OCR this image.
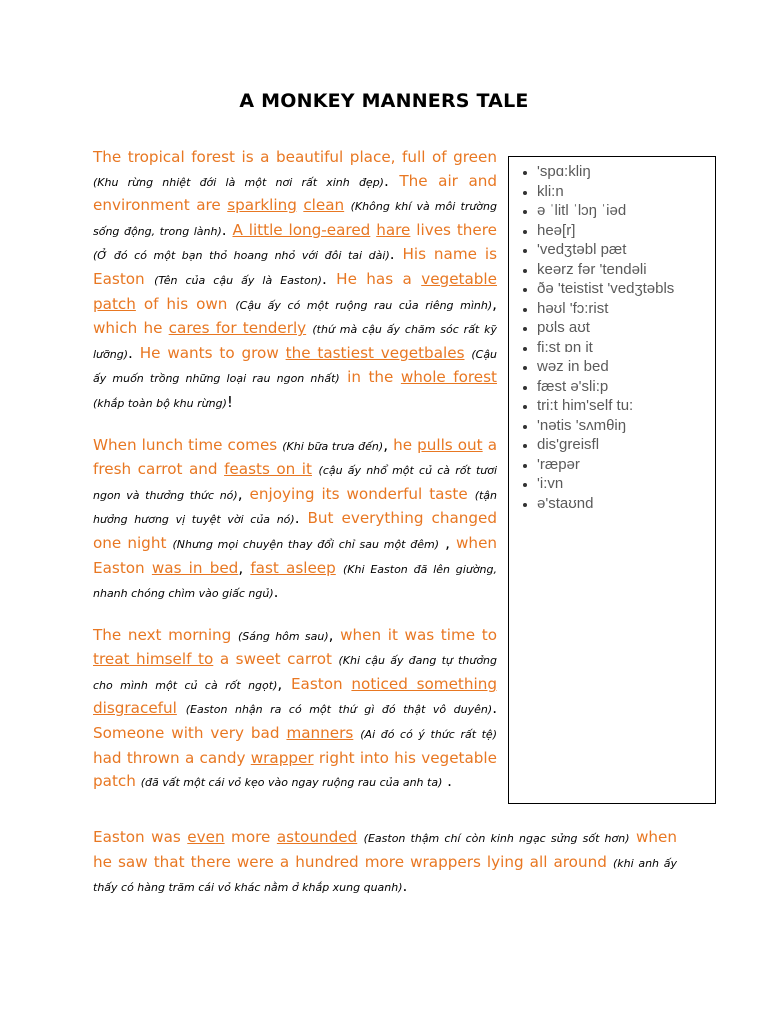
A MONKEY MANNERS TALE

The tropical forest is a beautiful place, full of green (Khu rừng nhiệt đới là một nơi rất xinh đẹp). The air and environment are sparkling clean (Không khí và môi trường sống động, trong lành). A little long-eared hare lives there (Ở đó có một bạn thỏ hoang nhỏ với đôi tai dài). His name is Easton (Tên của cậu ấy là Easton). He has a vegetable patch of his own (Cậu ấy có một ruộng rau của riêng mình), which he cares for tenderly (thứ mà cậu ấy chăm sóc rất kỹ lưỡng). He wants to grow the tastiest vegetbales (Cậu ấy muốn trồng những loại rau ngon nhất) in the whole forest (khắp toàn bộ khu rừng)!

When lunch time comes (Khi bữa trưa đến), he pulls out a fresh carrot and feasts on it (cậu ấy nhổ một củ cà rốt tươi ngon và thưởng thức nó), enjoying its wonderful taste (tận hưởng hương vị tuyệt vời của nó). But everything changed one night (Nhưng mọi chuyện thay đổi chỉ sau một đêm) , when Easton was in bed, fast asleep (Khi Easton đã lên giường, nhanh chóng chìm vào giấc ngủ).

The next morning (Sáng hôm sau), when it was time to treat himself to a sweet carrot (Khi cậu ấy đang tự thưởng cho mình một củ cà rốt ngọt), Easton noticed something disgraceful (Easton nhận ra có một thứ gì đó thật vô duyên). Someone with very bad manners (Ai đó có ý thức rất tệ) had thrown a candy wrapper right into his vegetable patch (đã vất một cái vỏ kẹo vào ngay ruộng rau của anh ta) .

Easton was even more astounded (Easton thậm chí còn kinh ngạc sửng sốt hơn) when he saw that there were a hundred more wrappers lying all around (khi anh ấy thấy có hàng trăm cái vỏ khác nằm ở khắp xung quanh).

• 'spɑ:kliŋ
• kli:n
• ə ˈlitl ˈlɔŋ ˈiəd
• heə[r]
• 'vedʒtəbl pæt
• keərz fər 'tendəli
• ðə 'teistist 'vedʒtəbls
• həʊl 'fɔ:rist
• pʊls aʊt
• fi:st ɒn it
• wəz in bed
• fæst ə'sli:p
• tri:t him'self tu:
• 'nətis 'sʌmθiŋ
• dis'greisfl
• 'ræpər
• 'i:vn
• ə'staʊnd
